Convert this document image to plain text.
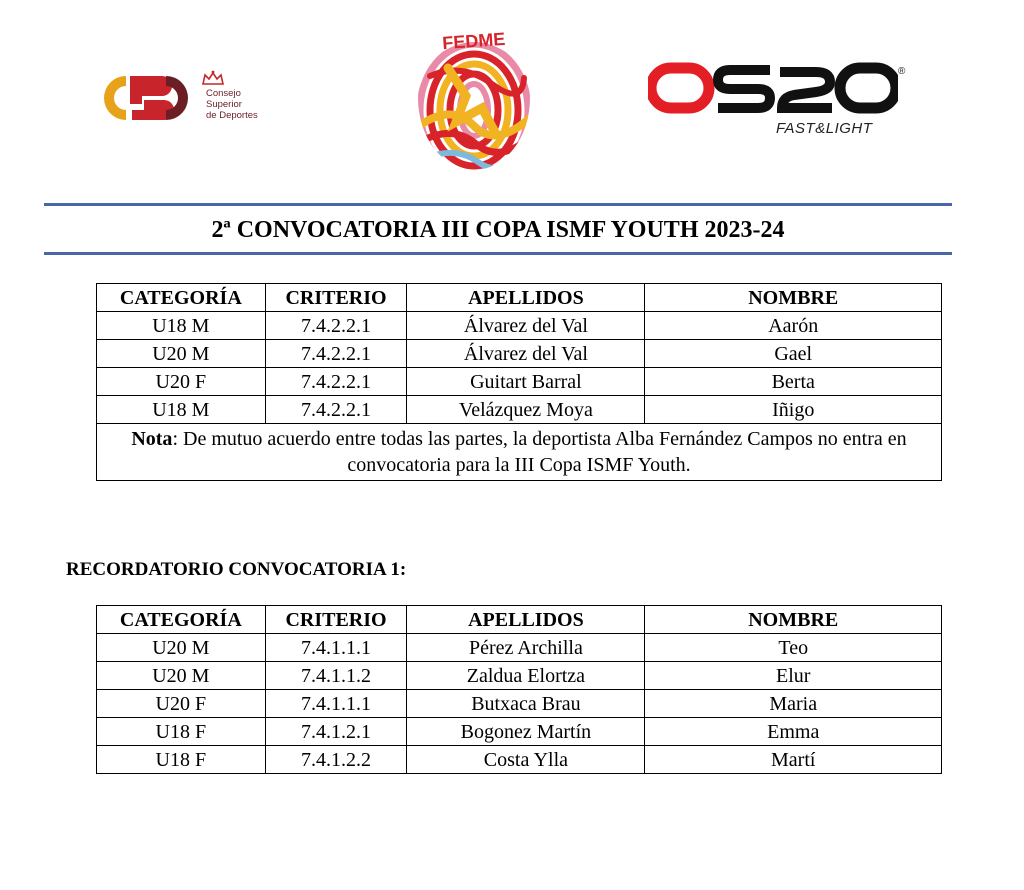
Consejo
Superior
de Deportes
FEDME
®
FAST&LIGHT
2ª CONVOCATORIA III COPA ISMF YOUTH 2023-24
CATEGORÍA	CRITERIO	APELLIDOS	NOMBRE
U18 M	7.4.2.2.1	Álvarez del Val	Aarón
U20 M	7.4.2.2.1	Álvarez del Val	Gael
U20 F	7.4.2.2.1	Guitart Barral	Berta
U18 M	7.4.2.2.1	Velázquez Moya	Iñigo
Nota: De mutuo acuerdo entre todas las partes, la deportista Alba Fernández Campos no entra en convocatoria para la III Copa ISMF Youth.			
RECORDATORIO CONVOCATORIA 1:
CATEGORÍA	CRITERIO	APELLIDOS	NOMBRE
U20 M	7.4.1.1.1	Pérez Archilla	Teo
U20 M	7.4.1.1.2	Zaldua Elortza	Elur
U20 F	7.4.1.1.1	Butxaca Brau	Maria
U18 F	7.4.1.2.1	Bogonez Martín	Emma
U18 F	7.4.1.2.2	Costa Ylla	Martí
